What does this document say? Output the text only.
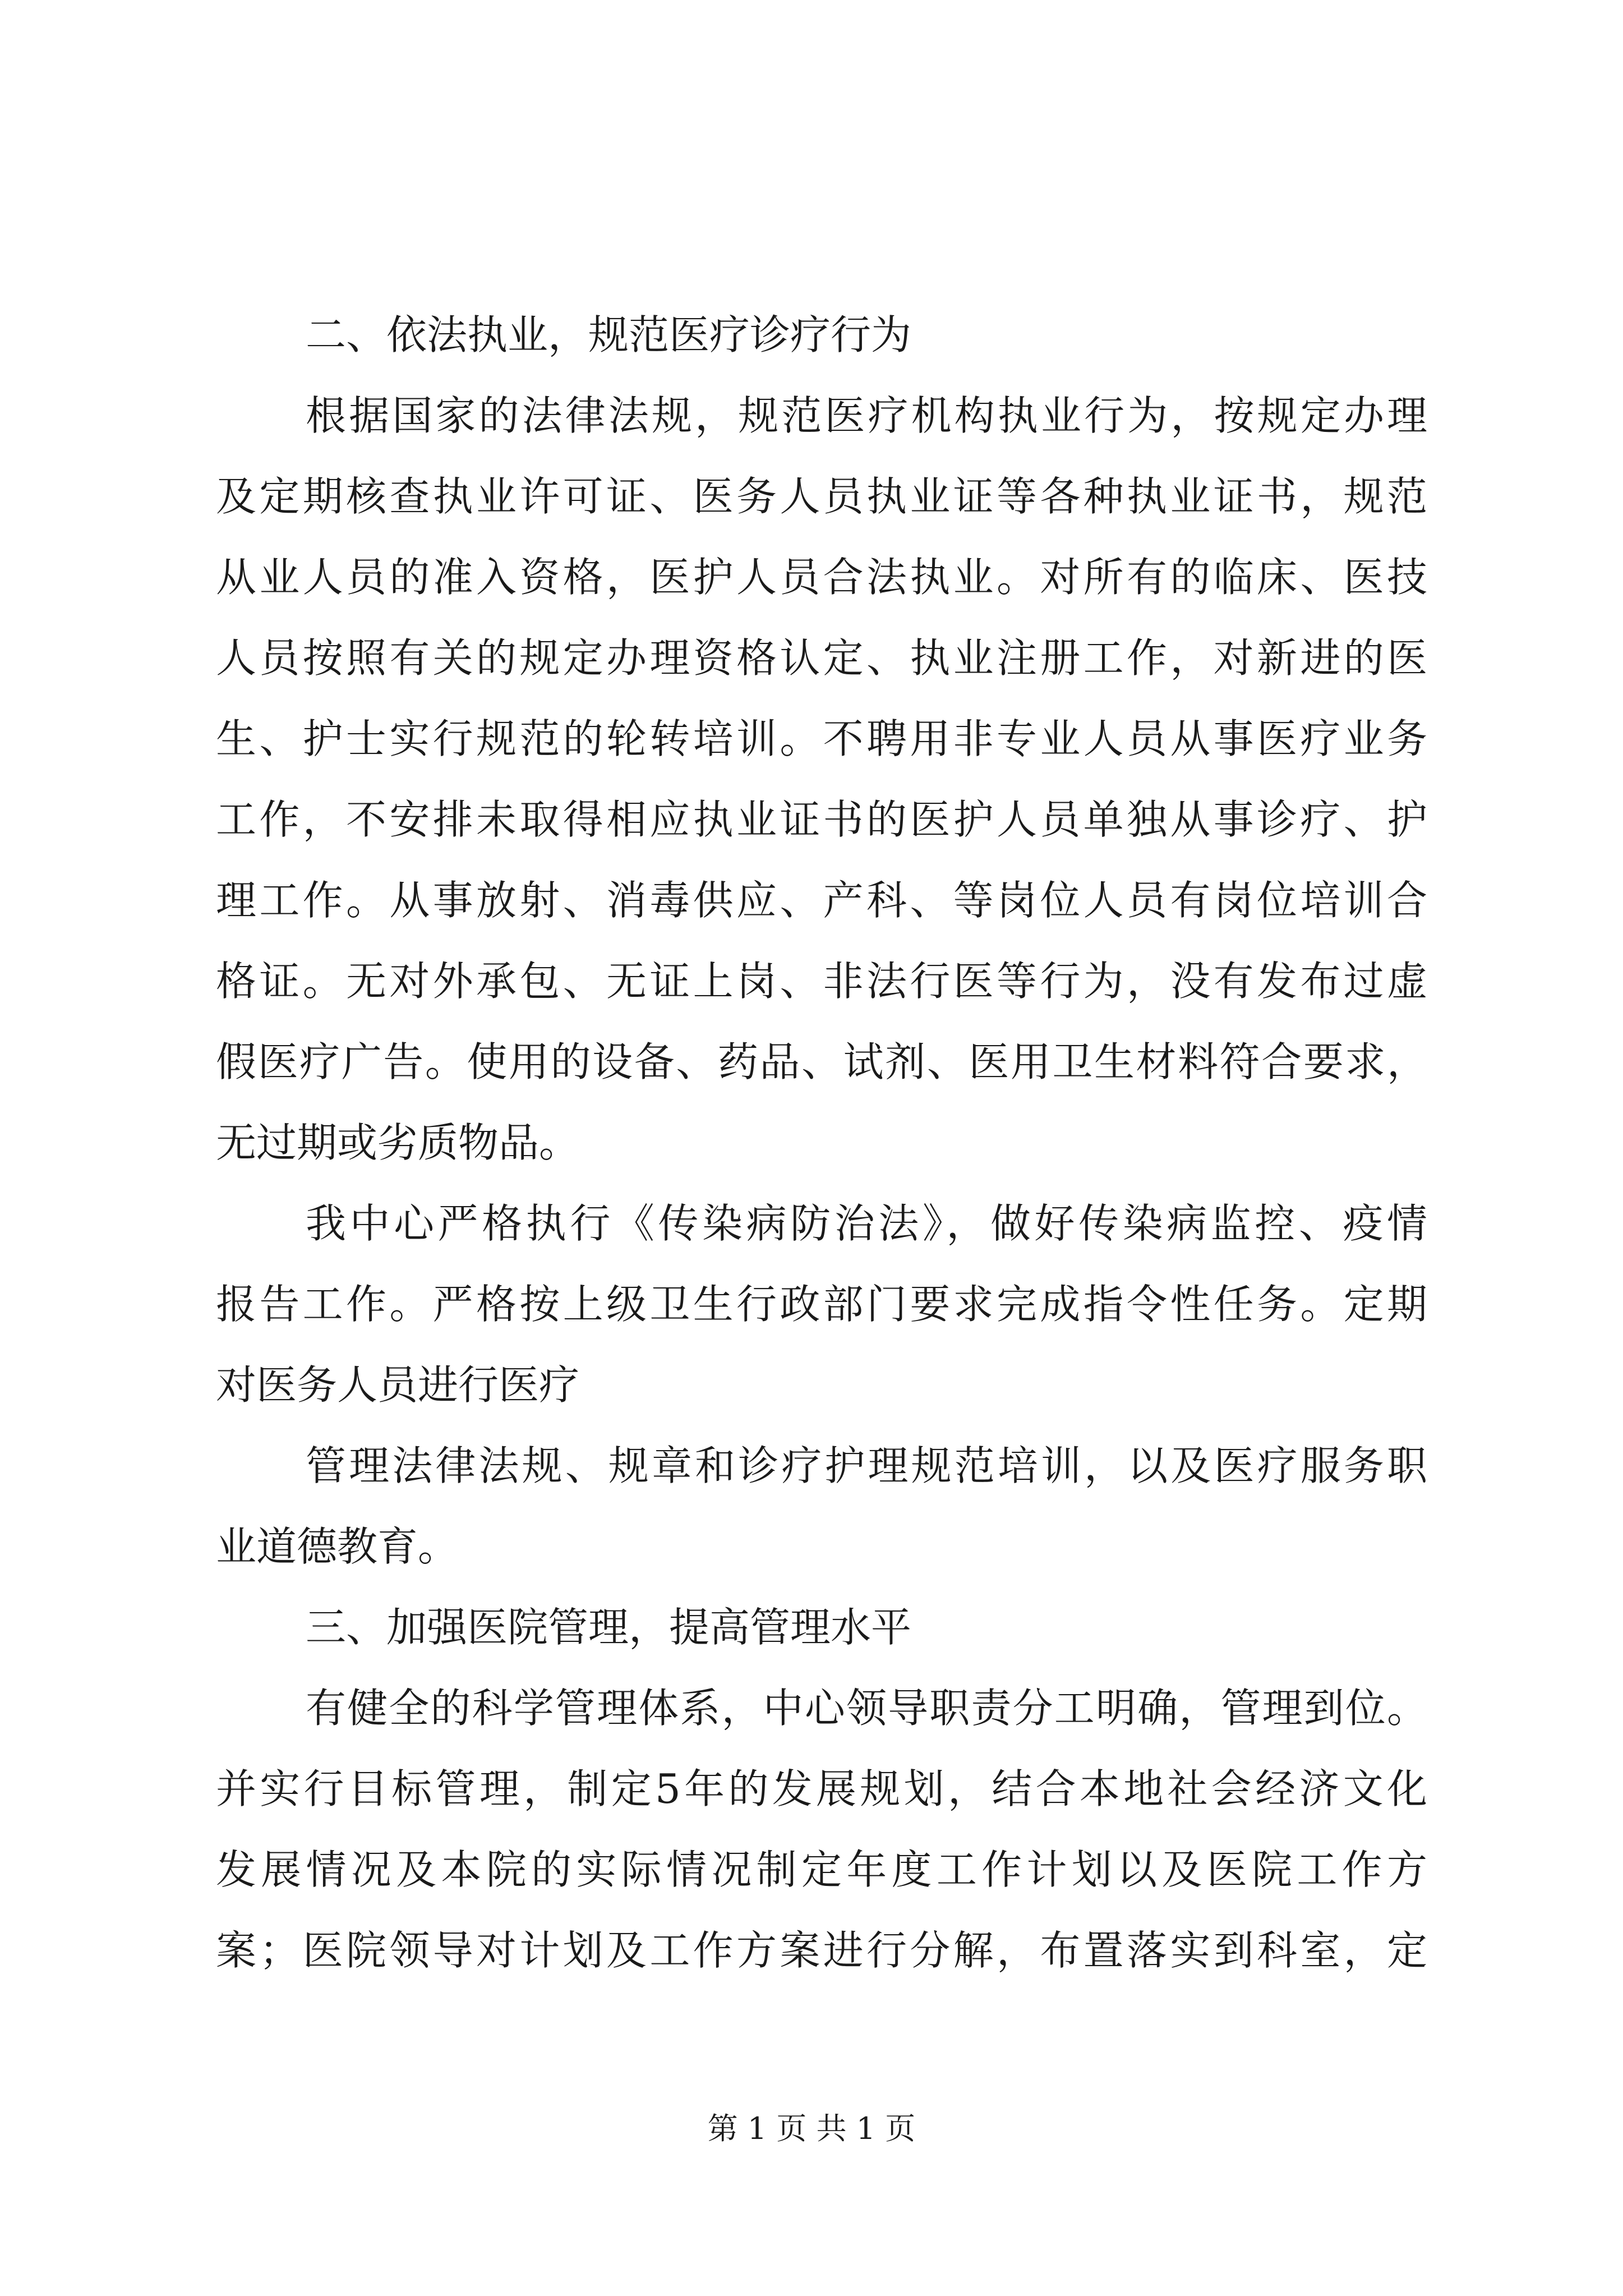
二、依法执业，规范医疗诊疗行为
根据国家的法律法规，规范医疗机构执业行为，按规定办理
及定期核查执业许可证、医务人员执业证等各种执业证书，规范
从业人员的准入资格，医护人员合法执业。对所有的临床、医技
人员按照有关的规定办理资格认定、执业注册工作，对新进的医
生、护士实行规范的轮转培训。不聘用非专业人员从事医疗业务
工作，不安排未取得相应执业证书的医护人员单独从事诊疗、护
理工作。从事放射、消毒供应、产科、等岗位人员有岗位培训合
格证。无对外承包、无证上岗、非法行医等行为，没有发布过虚
假医疗广告。使用的设备、药品、试剂、医用卫生材料符合要求，
无过期或劣质物品。
我中心严格执行《传染病防治法》，做好传染病监控、疫情
报告工作。严格按上级卫生行政部门要求完成指令性任务。定期
对医务人员进行医疗
管理法律法规、规章和诊疗护理规范培训，以及医疗服务职
业道德教育。
三、加强医院管理，提高管理水平
有健全的科学管理体系，中心领导职责分工明确，管理到位。
并实行目标管理，制定5年的发展规划，结合本地社会经济文化
发展情况及本院的实际情况制定年度工作计划以及医院工作方
案；医院领导对计划及工作方案进行分解，布置落实到科室，定
第 1 页 共 1 页
